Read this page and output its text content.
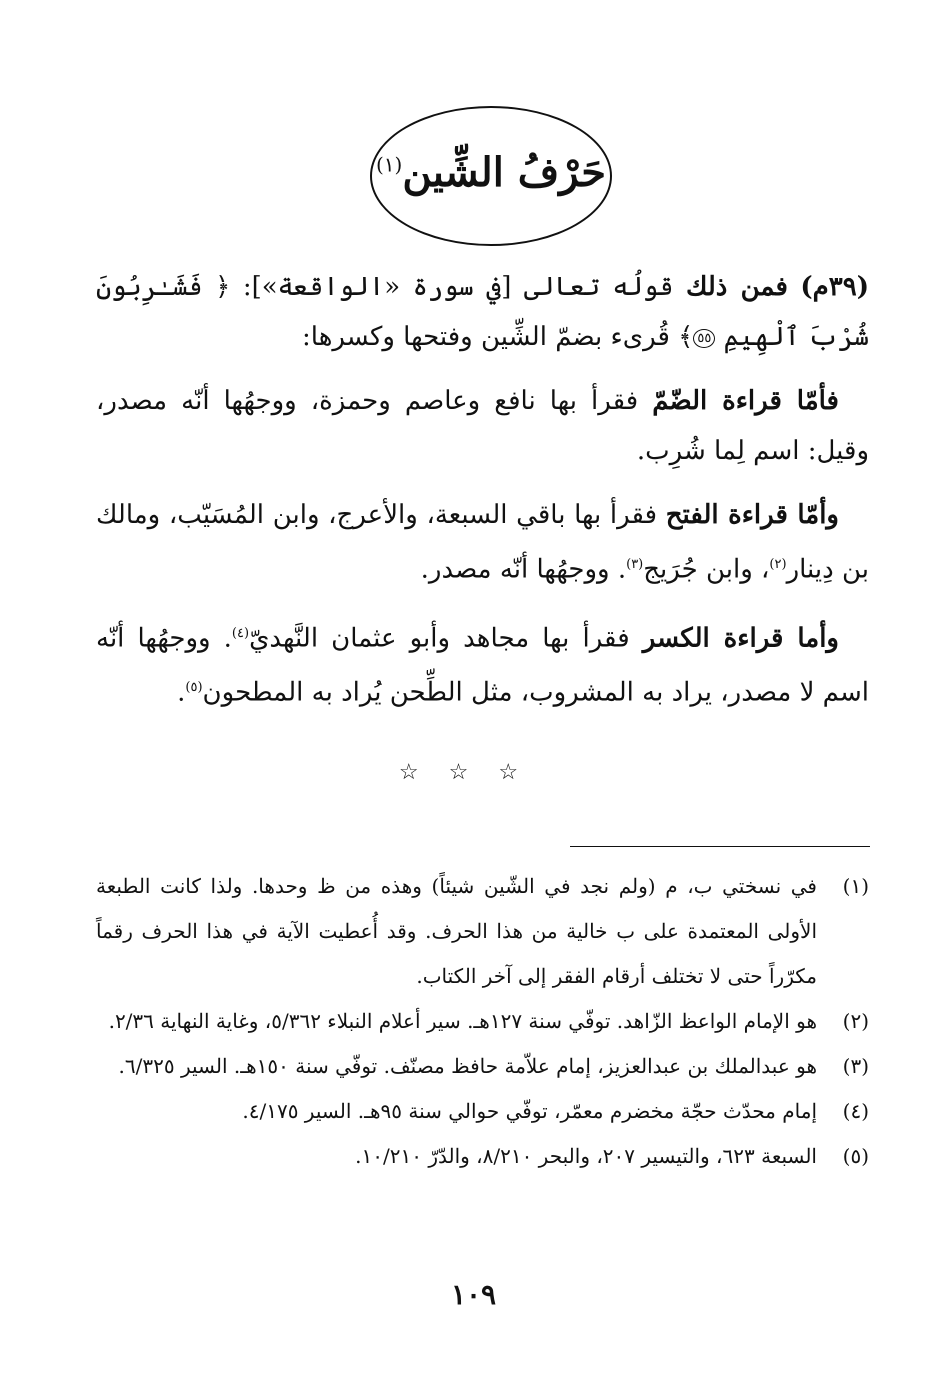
حَرْفُ الشِّين$^{(١)}$

(٣٩م) فمن ذلك قولُه تعالى [في سورة «الواقعة»]: ﴿ فَشَـٰرِبُونَ شُرْبَ ٱلْهِيمِ ٥٥﴾ قُرىء بضمّ الشِّين وفتحها وكسرها:

فأمّا قراءة الضّمّ فقرأ بها نافع وعاصم وحمزة، ووجهُها أنّه مصدر، وقيل: اسم لِما شُرِب.

وأمّا قراءة الفتح فقرأ بها باقي السبعة، والأعرج، وابن المُسَيّب، ومالك بن دِينار$^{(٢)}$، وابن جُرَيج$^{(٣)}$. ووجهُها أنّه مصدر.

وأما قراءة الكسر فقرأ بها مجاهد وأبو عثمان النَّهديّ$^{(٤)}$. ووجهُها أنّه اسم لا مصدر، يراد به المشروب، مثل الطِّحن يُراد به المطحون$^{(٥)}$.

☆☆☆
(١)
في نسختي ب، م (ولم نجد في الشّين شيئاً) وهذه من ظ وحدها. ولذا كانت الطبعة الأولى المعتمدة على ب خالية من هذا الحرف. وقد أُعطيت الآية في هذا الحرف رقماً مكرّراً حتى لا تختلف أرقام الفقر إلى آخر الكتاب.
(٢)
هو الإمام الواعظ الزّاهد. توفّي سنة ١٢٧هـ. سير أعلام النبلاء ٥/٣٦٢، وغاية النهاية ٢/٣٦.
(٣)
هو عبدالملك بن عبدالعزيز، إمام علاّمة حافظ مصنّف. توفّي سنة ١٥٠هـ. السير ٦/٣٢٥.
(٤)
إمام محدّث حجّة مخضرم معمّر، توفّي حوالي سنة ٩٥هـ. السير ٤/١٧٥.
(٥)
السبعة ٦٢٣، والتيسير ٢٠٧، والبحر ٨/٢١٠، والدّرّ ١٠/٢١٠.
١٠٩
